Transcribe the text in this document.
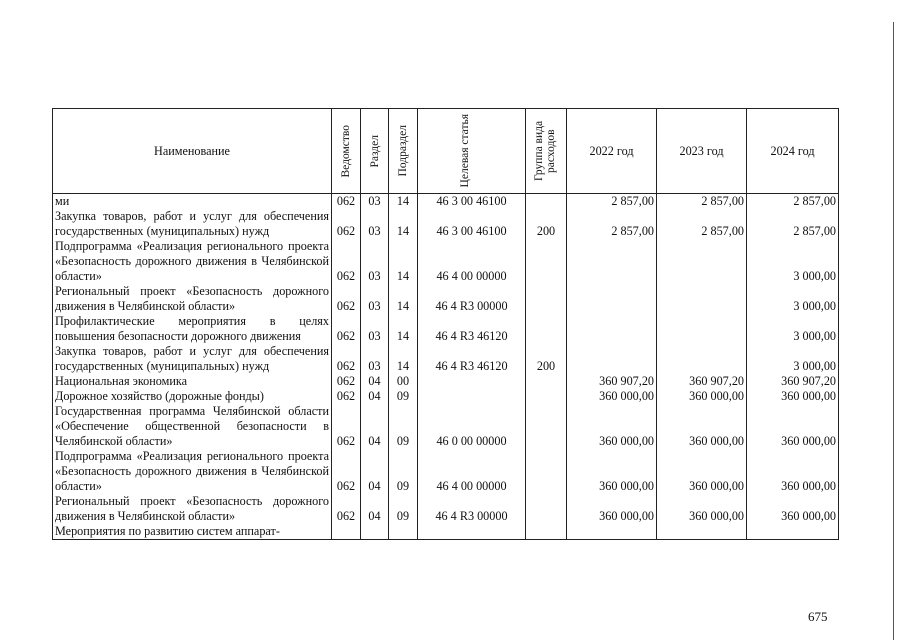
Наименование	Ведомство	Раздел	Подраздел	Целевая статья	Группа вида расходов	2022 год	2023 год	2024 год
ми	062	03	14	46 3 00 46100		2 857,00	2 857,00	2 857,00
Закупка товаров, работ и услуг для обеспечения государственных (муниципальных) нужд	062	03	14	46 3 00 46100	200	2 857,00	2 857,00	2 857,00
Подпрограмма «Реализация регионального проекта «Безопасность дорожного движения в Челябинской области»	062	03	14	46 4 00 00000				3 000,00
Региональный проект «Безопасность дорожного движения в Челябинской области»	062	03	14	46 4 R3 00000				3 000,00
Профилактические мероприятия в целях повышения безопасности дорожного движения	062	03	14	46 4 R3 46120				3 000,00
Закупка товаров, работ и услуг для обеспечения государственных (муниципальных) нужд	062	03	14	46 4 R3 46120	200			3 000,00
Национальная экономика	062	04	00			360 907,20	360 907,20	360 907,20
Дорожное хозяйство (дорожные фонды)	062	04	09			360 000,00	360 000,00	360 000,00
Государственная программа Челябинской области «Обеспечение общественной безопасности в Челябинской области»	062	04	09	46 0 00 00000		360 000,00	360 000,00	360 000,00
Подпрограмма «Реализация регионального проекта «Безопасность дорожного движения в Челябинской области»	062	04	09	46 4 00 00000		360 000,00	360 000,00	360 000,00
Региональный проект «Безопасность дорожного движения в Челябинской области»	062	04	09	46 4 R3 00000		360 000,00	360 000,00	360 000,00
Мероприятия по развитию систем аппарат-								
675
